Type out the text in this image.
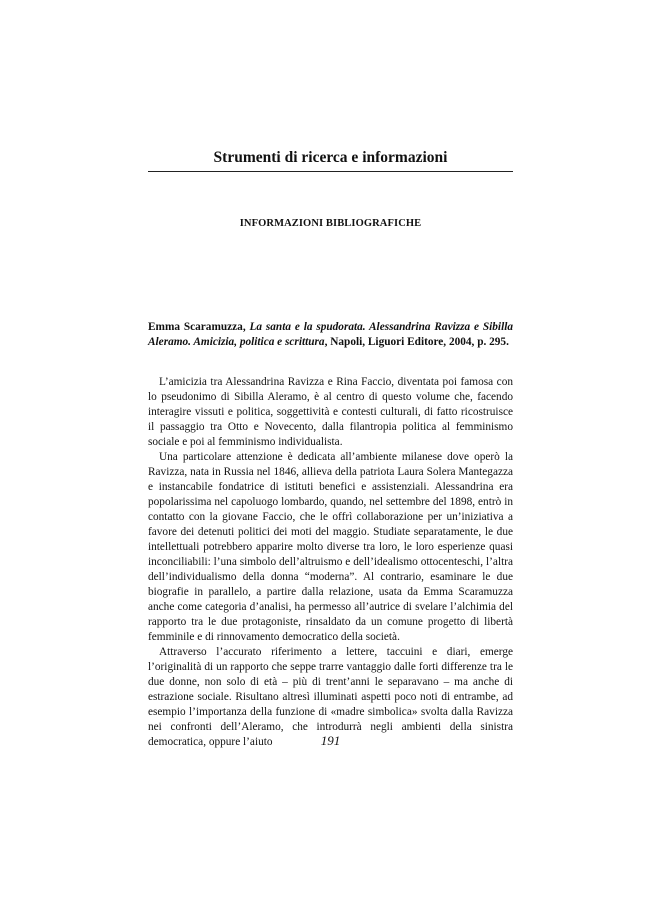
Strumenti di ricerca e informazioni
INFORMAZIONI BIBLIOGRAFICHE

Emma Scaramuzza, La santa e la spudorata. Alessandrina Ravizza e Sibilla Aleramo. Amicizia, politica e scrittura, Napoli, Liguori Editore, 2004, p. 295.

L’amicizia tra Alessandrina Ravizza e Rina Faccio, diventata poi famosa con lo pseudonimo di Sibilla Aleramo, è al centro di questo volume che, facendo interagire vissuti e politica, soggettività e contesti culturali, di fatto ricostruisce il passaggio tra Otto e Novecento, dalla filantropia politica al femminismo sociale e poi al femminismo individualista.

Una particolare attenzione è dedicata all’ambiente milanese dove operò la Ravizza, nata in Russia nel 1846, allieva della patriota Laura Solera Mantegazza e instancabile fondatrice di istituti benefici e assistenziali. Alessandrina era popolarissima nel capoluogo lombardo, quando, nel settembre del 1898, entrò in contatto con la giovane Faccio, che le offrì collaborazione per un’iniziativa a favore dei detenuti politici dei moti del maggio. Studiate separatamente, le due intellettuali potrebbero apparire molto diverse tra loro, le loro esperienze quasi inconciliabili: l’una simbolo dell’altruismo e dell’idealismo ottocenteschi, l’altra dell’individualismo della donna “moderna”. Al contrario, esaminare le due biografie in parallelo, a partire dalla relazione, usata da Emma Scaramuzza anche come categoria d’analisi, ha permesso all’autrice di svelare l’alchimia del rapporto tra le due protagoniste, rinsaldato da un comune progetto di libertà femminile e di rinnovamento democratico della società.

Attraverso l’accurato riferimento a lettere, taccuini e diari, emerge l’originalità di un rapporto che seppe trarre vantaggio dalle forti differenze tra le due donne, non solo di età – più di trent’anni le separavano – ma anche di estrazione sociale. Risultano altresì illuminati aspetti poco noti di entrambe, ad esempio l’importanza della funzione di «madre simbolica» svolta dalla Ravizza nei confronti dell’Aleramo, che introdurrà negli ambienti della sinistra democratica, oppure l’aiuto	191
